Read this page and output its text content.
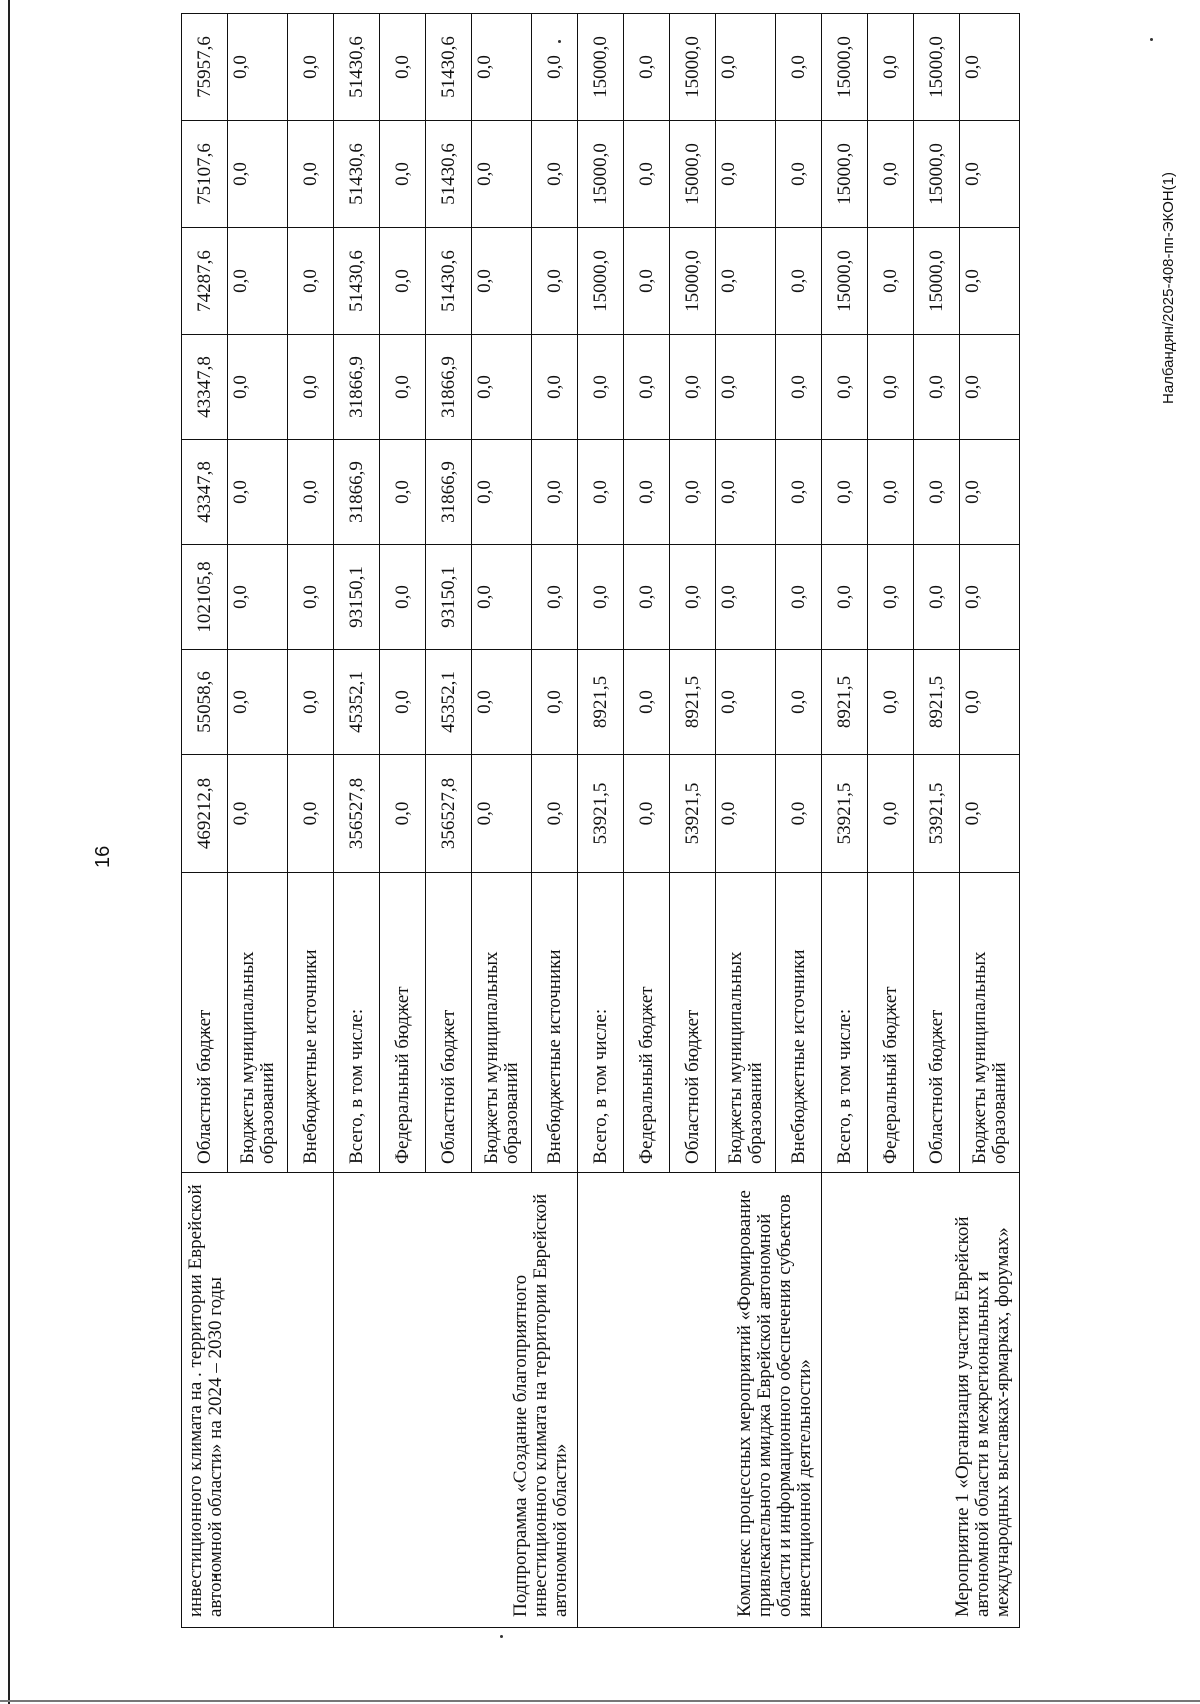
16
инвестиционного климата на . территории Еврейской автономной области» на 2024 – 2030 годы	Областной бюджет	469212,8	55058,6	102105,8	43347,8	43347,8	74287,6	75107,6	75957,6
	Бюджеты муниципальных образований	0,0	0,0	0,0	0,0	0,0	0,0	0,0	0,0
	Внебюджетные источники	0,0	0,0	0,0	0,0	0,0	0,0	0,0	0,0
Подпрограмма «Создание благоприятного инвестиционного климата на территории Еврейской автономной области»	Всего, в том числе:	356527,8	45352,1	93150,1	31866,9	31866,9	51430,6	51430,6	51430,6
	Федеральный бюджет	0,0	0,0	0,0	0,0	0,0	0,0	0,0	0,0
	Областной бюджет	356527,8	45352,1	93150,1	31866,9	31866,9	51430,6	51430,6	51430,6
	Бюджеты муниципальных образований	0,0	0,0	0,0	0,0	0,0	0,0	0,0	0,0
	Внебюджетные источники	0,0	0,0	0,0	0,0	0,0	0,0	0,0	0,0
Комплекс процессных мероприятий «Формирование привлекательного имиджа Еврейской автономной области и информационного обеспечения субъектов инвестиционной деятельности»	Всего, в том числе:	53921,5	8921,5	0,0	0,0	0,0	15000,0	15000,0	15000,0
	Федеральный бюджет	0,0	0,0	0,0	0,0	0,0	0,0	0,0	0,0
	Областной бюджет	53921,5	8921,5	0,0	0,0	0,0	15000,0	15000,0	15000,0
	Бюджеты муниципальных образований	0,0	0,0	0,0	0,0	0,0	0,0	0,0	0,0
	Внебюджетные источники	0,0	0,0	0,0	0,0	0,0	0,0	0,0	0,0
Мероприятие 1 «Организация участия Еврейской автономной области в межрегиональных и международных выставках-ярмарках, форумах»	Всего, в том числе:	53921,5	8921,5	0,0	0,0	0,0	15000,0	15000,0	15000,0
	Федеральный бюджет	0,0	0,0	0,0	0,0	0,0	0,0	0,0	0,0
	Областной бюджет	53921,5	8921,5	0,0	0,0	0,0	15000,0	15000,0	15000,0
	Бюджеты муниципальных образований	0,0	0,0	0,0	0,0	0,0	0,0	0,0	0,0
Налбандян/2025-408-пп-ЭКОН(1)
